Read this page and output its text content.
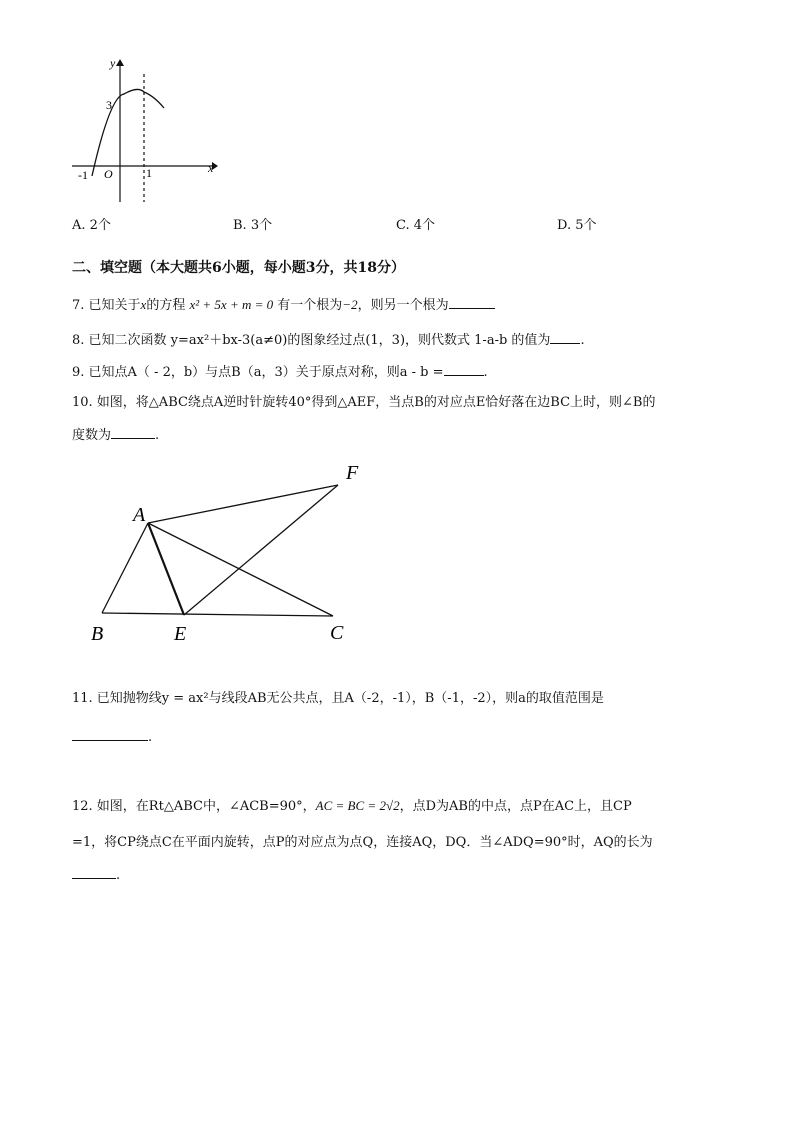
y
x
3
-1 O	1
A. 2个	B. 3个	C. 4个	D. 5个
二、填空题（本大题共6小题，每小题3分，共18分）
7. 已知关于x的方程 x² + 5x + m = 0 有一个根为−2，则另一个根为
8. 已知二次函数 y=ax²＋bx-3(a≠0)的图象经过点(1，3)，则代数式 1-a-b 的值为 .
9. 已知点A（ - 2，b）与点B（a，3）关于原点对称，则a - b =	.
10. 如图，将△ABC绕点A逆时针旋转40°得到△AEF，当点B的对应点E恰好落在边BC上时，则∠B的
度数为	.
A
B	E	C
F
11. 已知抛物线y = ax²与线段AB无公共点，且A（-2，-1），B（-1，-2），则a的取值范围是
.
12. 如图，在Rt△ABC中，∠ACB=90°，AC = BC = 2√2，点D为AB的中点，点P在AC上，且CP
=1，将CP绕点C在平面内旋转，点P的对应点为点Q，连接AQ，DQ．当∠ADQ=90°时，AQ的长为
.
